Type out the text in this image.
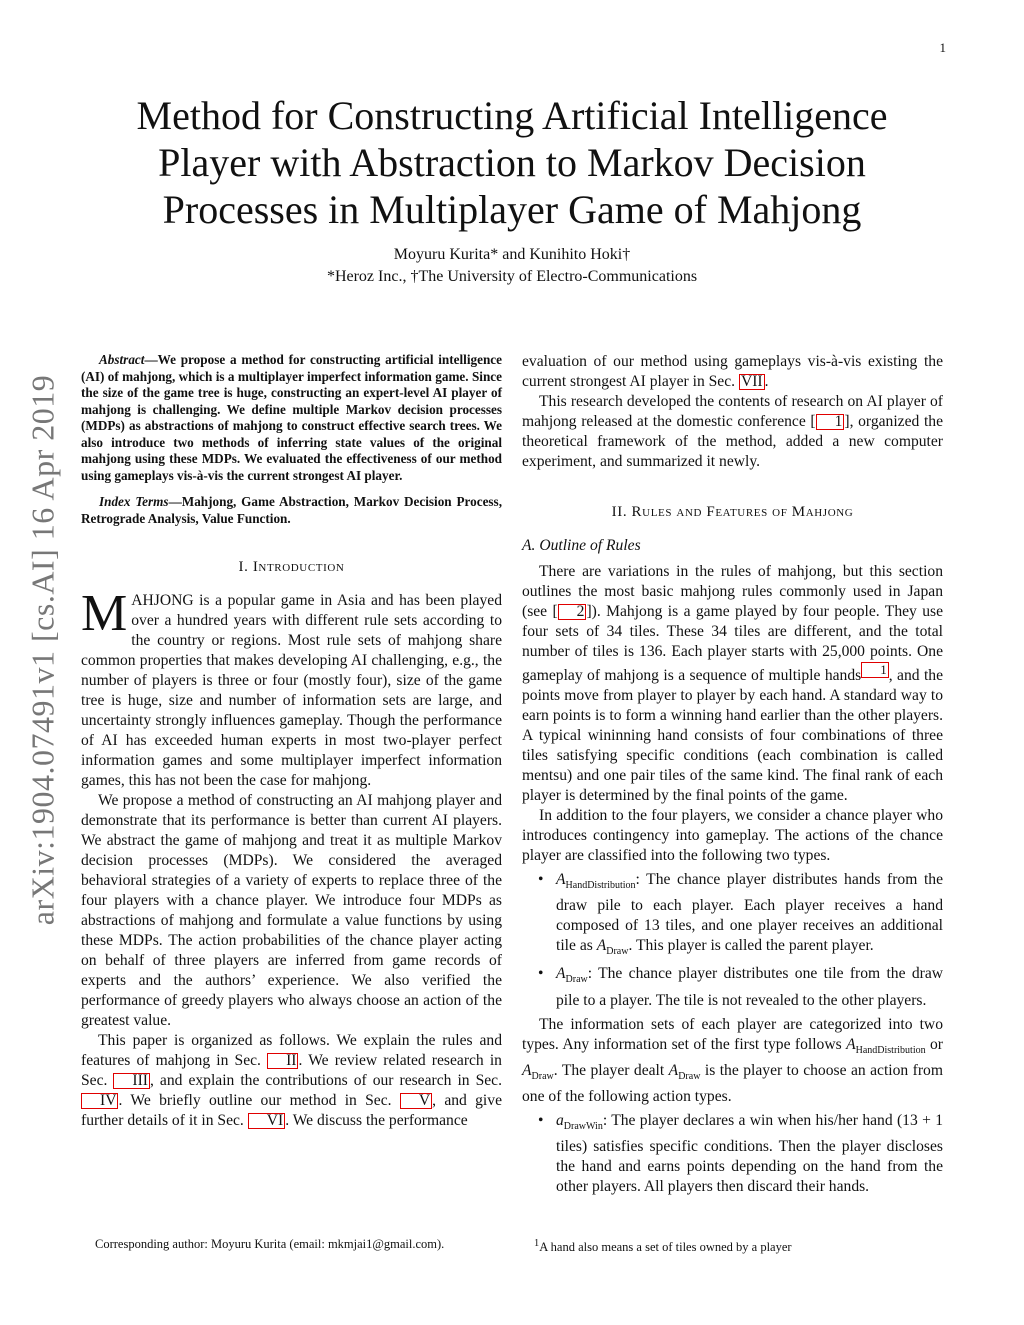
1
arXiv:1904.07491v1 [cs.AI] 16 Apr 2019
Method for Constructing Artificial Intelligence
Player with Abstraction to Markov Decision
Processes in Multiplayer Game of Mahjong
Moyuru Kurita* and Kunihito Hoki†
*Heroz Inc., †The University of Electro-Communications

Abstract—We propose a method for constructing artificial intelligence (AI) of mahjong, which is a multiplayer imperfect information game. Since the size of the game tree is huge, constructing an expert-level AI player of mahjong is challenging. We define multiple Markov decision processes (MDPs) as abstractions of mahjong to construct effective search trees. We also introduce two methods of inferring state values of the original mahjong using these MDPs. We evaluated the effectiveness of our method using gameplays vis-à-vis the current strongest AI player.

Index Terms—Mahjong, Game Abstraction, Markov Decision Process, Retrograde Analysis, Value Function.

I. Introduction

MAHJONG is a popular game in Asia and has been played over a hundred years with different rule sets according to the country or regions. Most rule sets of mahjong share common properties that makes developing AI challenging, e.g., the number of players is three or four (mostly four), size of the game tree is huge, size and number of information sets are large, and uncertainty strongly influences gameplay. Though the performance of AI has exceeded human experts in most two-player perfect information games and some multiplayer imperfect information games, this has not been the case for mahjong.

We propose a method of constructing an AI mahjong player and demonstrate that its performance is better than current AI players. We abstract the game of mahjong and treat it as multiple Markov decision processes (MDPs). We considered the averaged behavioral strategies of a variety of experts to replace three of the four players with a chance player. We introduce four MDPs as abstractions of mahjong and formulate a value functions by using these MDPs. The action probabilities of the chance player acting on behalf of three players are inferred from game records of experts and the authors’ experience. We also verified the performance of greedy players who always choose an action of the greatest value.

This paper is organized as follows. We explain the rules and features of mahjong in Sec. II . We review related research in Sec. III , and explain the contributions of our research in Sec. IV . We briefly outline our method in Sec. V , and give further details of it in Sec. VI . We discuss the performance

evaluation of our method using gameplays vis-à-vis existing the current strongest AI player in Sec. VII .

This research developed the contents of research on AI player of mahjong released at the domestic conference [ 1 ], organized the theoretical framework of the method, added a new computer experiment, and summarized it newly.

II. Rules and Features of Mahjong
A. Outline of Rules

There are variations in the rules of mahjong, but this section outlines the most basic mahjong rules commonly used in Japan (see [ 2 ]). Mahjong is a game played by four people. They use four sets of 34 tiles. These 34 tiles are different, and the total number of tiles is 136. Each player starts with 25,000 points. One gameplay of mahjong is a sequence of multiple hands $^1$ , and the points move from player to player by each hand. A standard way to earn points is to form a winning hand earlier than the other players. A typical wininning hand consists of four combinations of three tiles satisfying specific conditions (each combination is called mentsu) and one pair tiles of the same kind. The final rank of each player is determined by the final points of the game.

In addition to the four players, we consider a chance player who introduces contingency into gameplay. The actions of the chance player are classified into the following two types.

• $A_{HandDistribution}$: The chance player distributes hands from the draw pile to each player. Each player receives a hand composed of 13 tiles, and one player receives an additional tile as $A_{Draw}$. This player is called the parent player.
• $A_{Draw}$: The chance player distributes one tile from the draw pile to a player. The tile is not revealed to the other players.

The information sets of each player are categorized into two types. Any information set of the first type follows $A_{HandDistribution}$ or $A_{Draw}$. The player dealt $A_{Draw}$ is the player to choose an action from one of the following action types.

• $a_{DrawWin}$: The player declares a win when his/her hand (13 + 1 tiles) satisfies specific conditions. Then the player discloses the hand and earns points depending on the hand from the other players. All players then discard their hands.
Corresponding author: Moyuru Kurita (email: mkmjai1@gmail.com).	$^1$A hand also means a set of tiles owned by a player
